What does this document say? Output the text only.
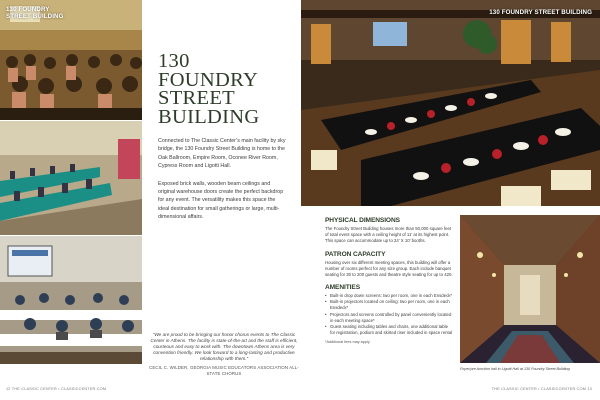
130 FOUNDRY STREET BUILDING
130
FOUNDRY
STREET
BUILDING

Connected to The Classic Center’s main facility by sky bridge, the 130 Foundry Street Building is home to the Oak Ballroom, Empire Room, Oconee River Room, Cypress Room and Ligotti Hall.

Exposed brick walls, wooden beam ceilings and original warehouse doors create the perfect backdrop for any event. The versatility makes this space the ideal destination for small gatherings or large, multi-dimensional affairs.

“We are proud to be bringing our honor chorus events to The Classic Center in Athens. The facility is state-of-the-art and the staff is efficient, courteous and easy to work with. The downtown Athens area is very convention friendly. We look forward to a long-lasting and productive relationship with them.”

CECIL C. WILDER, GEORGIA MUSIC EDUCATORS ASSOCIATION ALL-STATE CHORUS

12 THE CLASSIC CENTER • CLASSICCENTER.COM
130 FOUNDRY STREET BUILDING
PHYSICAL DIMENSIONS

The Foundry Street Building houses more than 50,000 square feet of total event space with a ceiling height of 11’ at its highest point. This space can accommodate up to 24’ X 10’ booths.

PATRON CAPACITY

Housing over six different meeting spaces, this building will offer a number of rooms perfect for any size group. Each include banquet seating for 30 to 200 guests and theatre style seating for up to 420.

AMENITIES
• Built-in drop down screens: two per room, one in each Ensdeck*
• Built-in projectors located on ceiling: two per room, one in each Ensdeck*
• Projectors and screens controlled by panel conveniently located in each meeting space*
• Guest seating including tables and chairs, one additional table for registration, podium and skirted riser included in space rental

*Additional fees may apply

Foyer/pre-function hall in Ligotti Hall at 130 Foundry Street Building
THE CLASSIC CENTER • CLASSICCENTER.COM 13
